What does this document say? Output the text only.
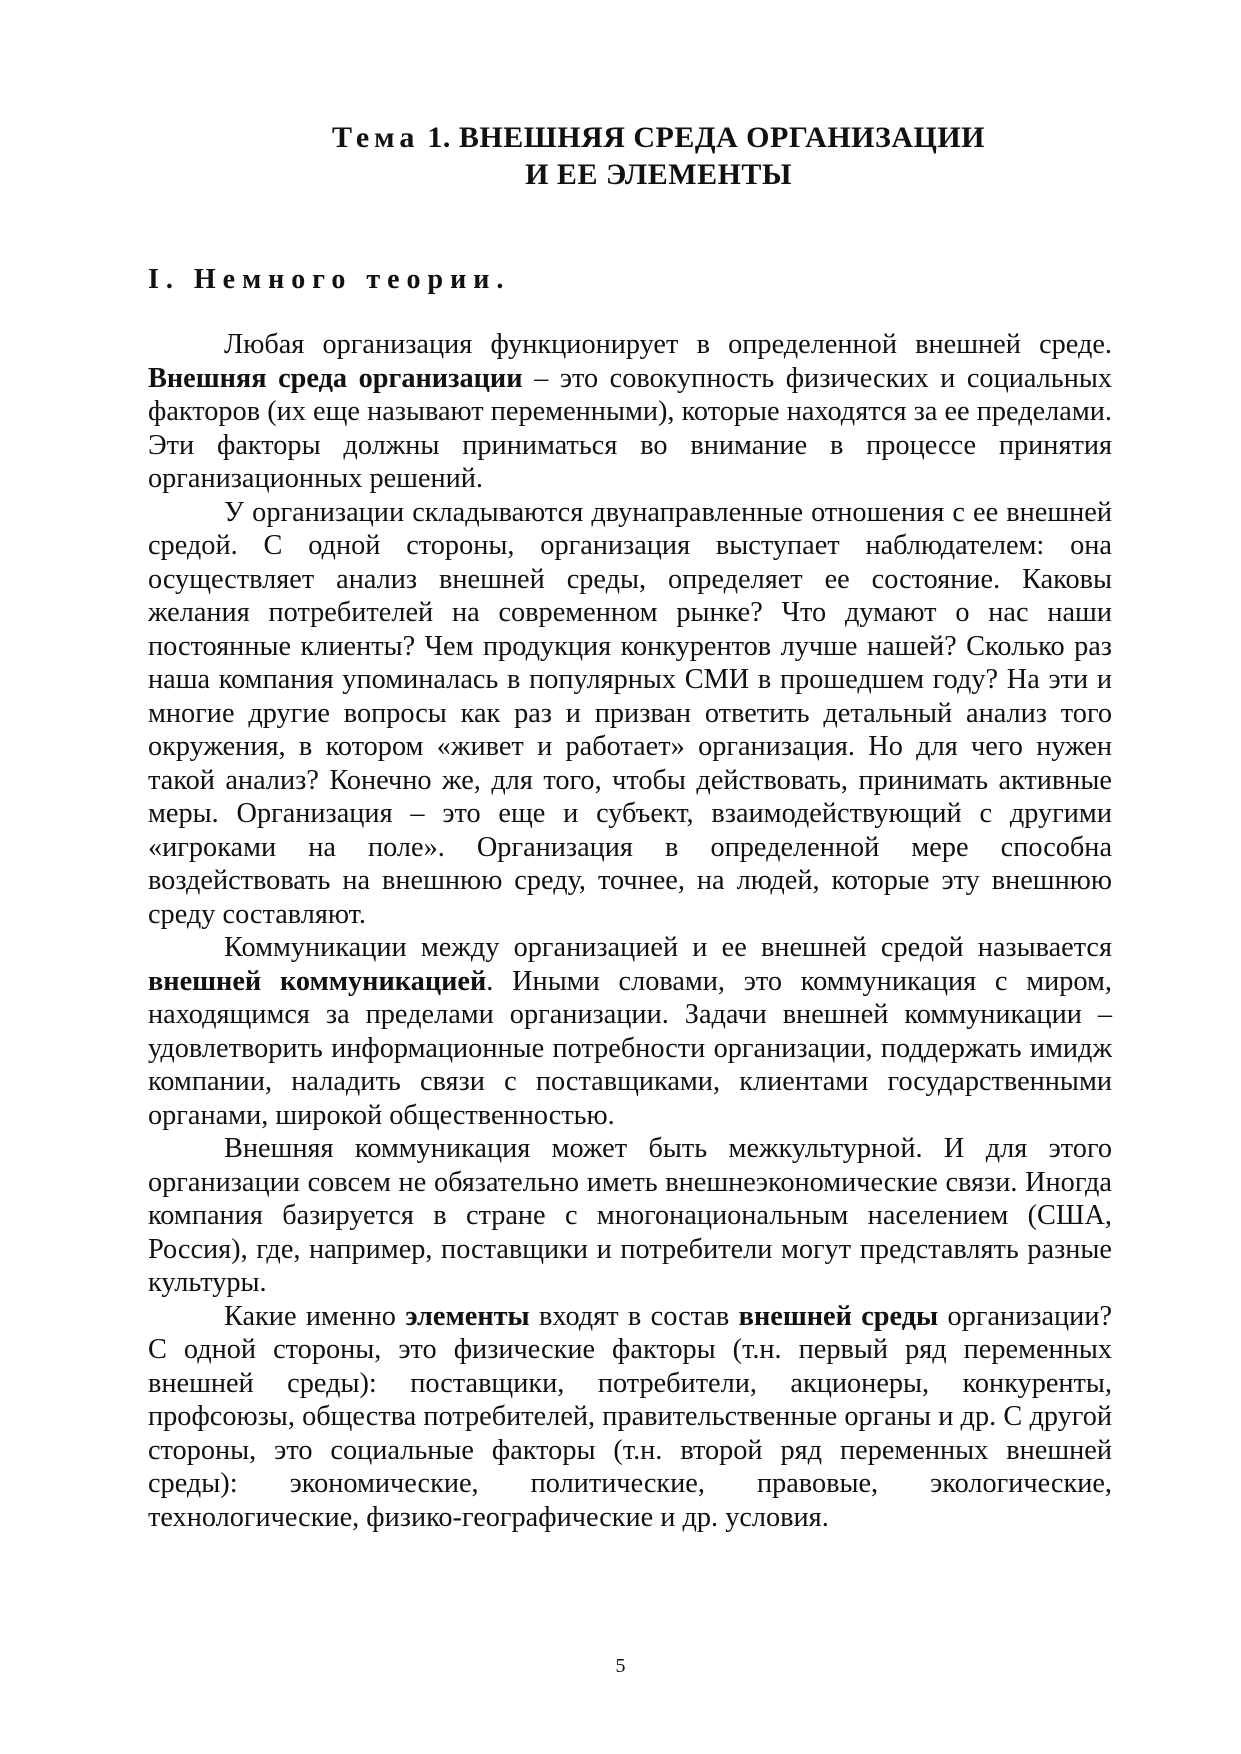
Тема 1. ВНЕШНЯЯ СРЕДА ОРГАНИЗАЦИИ
И ЕЕ ЭЛЕМЕНТЫ
I. Немного теории.

Любая организация функционирует в определенной внешней среде. Внешняя среда организации – это совокупность физических и социальных факторов (их еще называют переменными), которые находятся за ее пределами. Эти факторы должны приниматься во внимание в процессе принятия организационных решений.

У организации складываются двунаправленные отношения с ее внешней средой. С одной стороны, организация выступает наблюдателем: она осуществляет анализ внешней среды, определяет ее состояние. Каковы желания потребителей на современном рынке? Что думают о нас наши постоянные клиенты? Чем продукция конкурентов лучше нашей? Сколько раз наша компания упоминалась в популярных СМИ в прошедшем году? На эти и многие другие вопросы как раз и призван ответить детальный анализ того окружения, в котором «живет и работает» организация. Но для чего нужен такой анализ? Конечно же, для того, чтобы действовать, принимать активные меры. Организация – это еще и субъект, взаимодействующий с другими «игроками на поле». Организация в определенной мере способна воздействовать на внешнюю среду, точнее, на людей, которые эту внешнюю среду составляют.

Коммуникации между организацией и ее внешней средой называется внешней коммуникацией. Иными словами, это коммуникация с миром, находящимся за пределами организации. Задачи внешней коммуникации – удовлетворить информационные потребности организации, поддержать имидж компании, наладить связи с поставщиками, клиентами государственными органами, широкой общественностью.

Внешняя коммуникация может быть межкультурной. И для этого организации совсем не обязательно иметь внешнеэкономические связи. Иногда компания базируется в стране с многонациональным населением (США, Россия), где, например, поставщики и потребители могут представлять разные культуры.

Какие именно элементы входят в состав внешней среды организации? С одной стороны, это физические факторы (т.н. первый ряд переменных внешней среды): поставщики, потребители, акционеры, конкуренты, профсоюзы, общества потребителей, правительственные органы и др. С другой стороны, это социальные факторы (т.н. второй ряд переменных внешней среды): экономические, политические, правовые, экологические, технологические, физико-географические и др. условия.

5
